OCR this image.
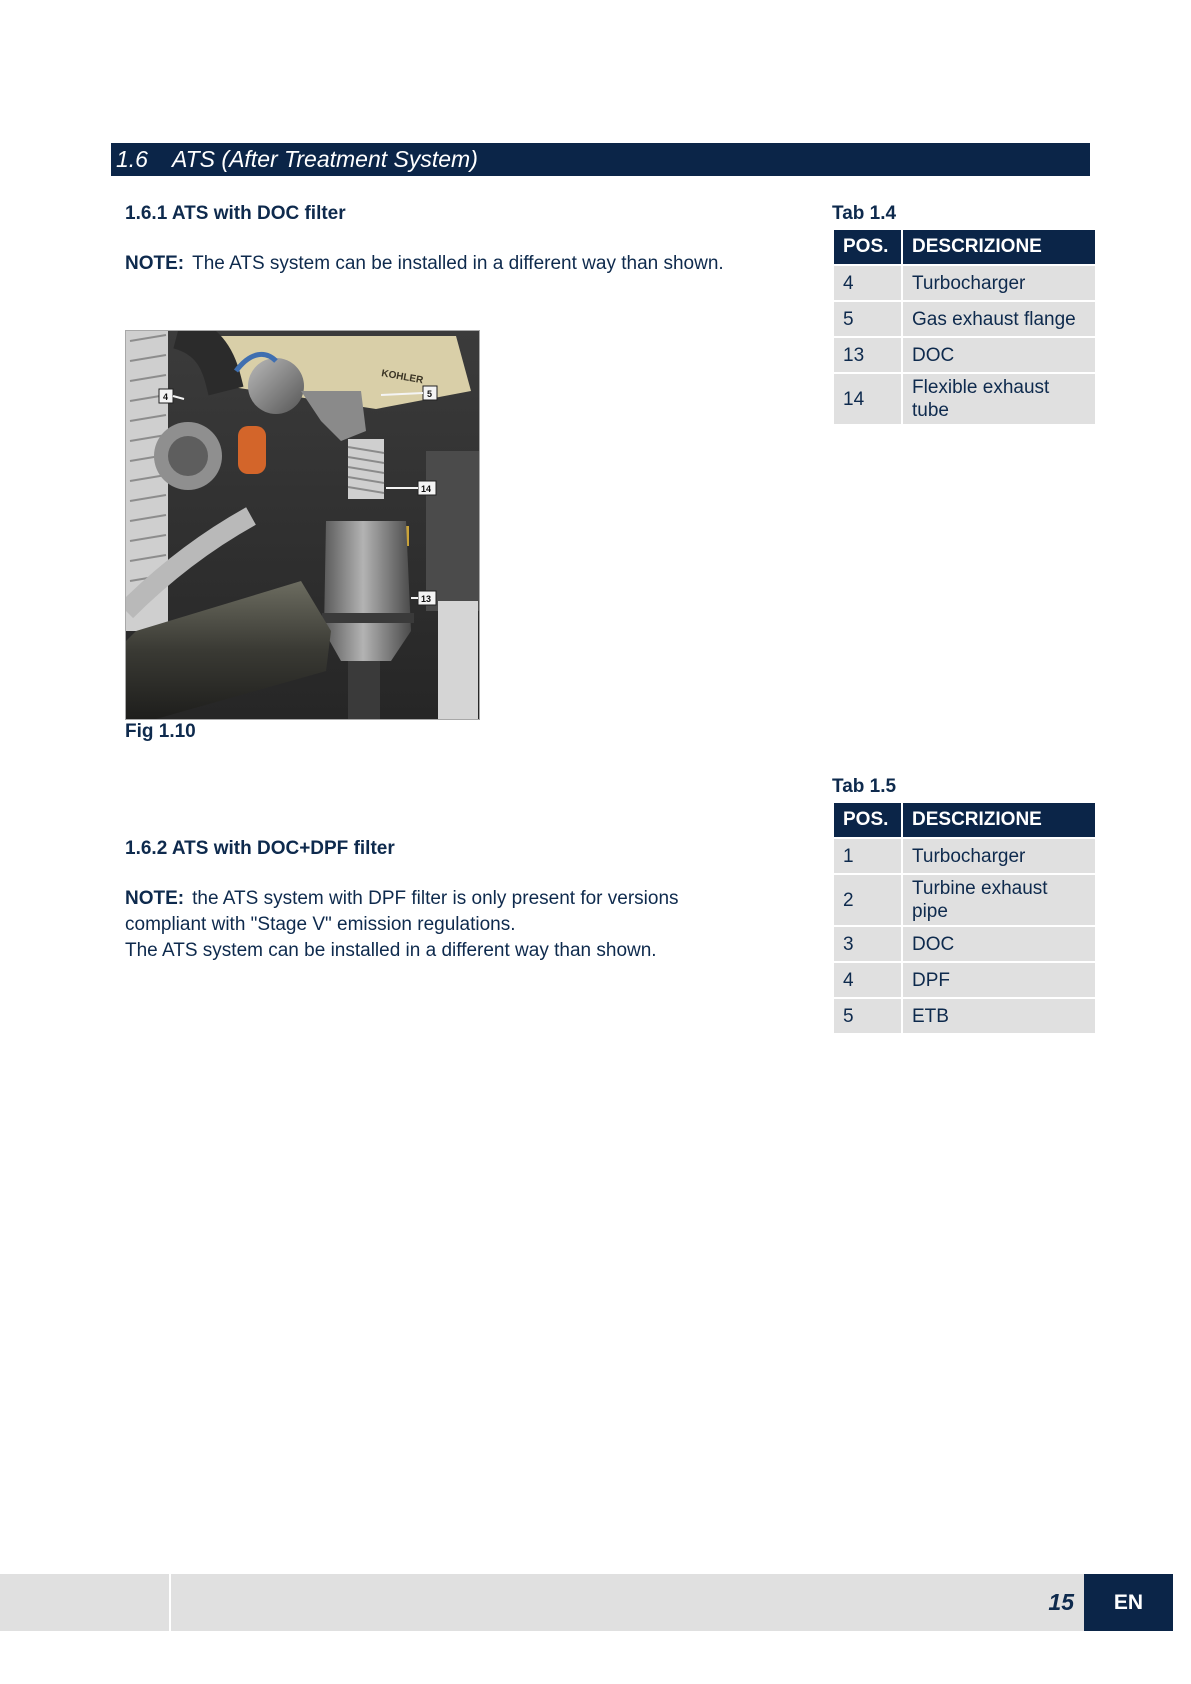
1.6 ATS (After Treatment System)
1.6.1 ATS with DOC filter
NOTE: The ATS system can be installed in a different way than shown.
KOHLER
4	5
14
13
Fig 1.10
Tab 1.4
POS.	DESCRIZIONE
4	Turbocharger
5	Gas exhaust flange
13	DOC
14	Flexible exhaust tube
Tab 1.5
POS.	DESCRIZIONE
1	Turbocharger
2	Turbine exhaust pipe
3	DOC
4	DPF
5	ETB
1.6.2 ATS with DOC+DPF filter
NOTE: the ATS system with DPF filter is only present for versions compliant with "Stage V" emission regulations.
The ATS system can be installed in a different way than shown.
15	EN
